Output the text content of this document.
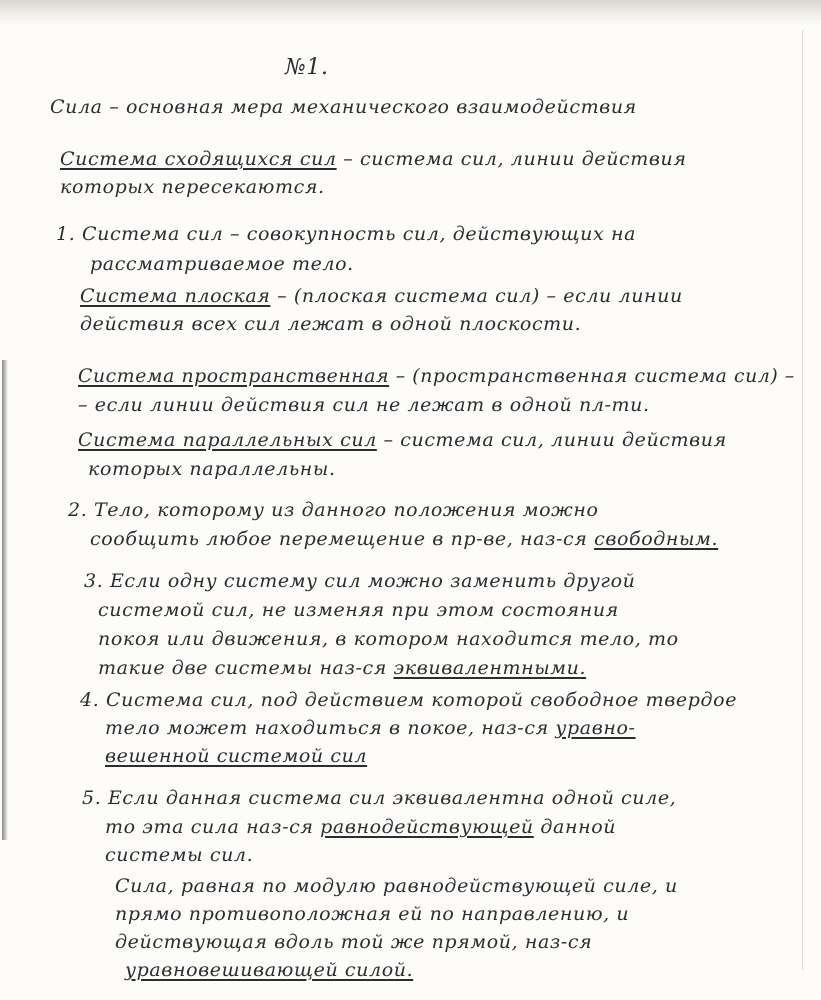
№1.
Сила – основная мера механического взаимодействия
Система сходящихся сил – система сил, линии действия
которых пересекаются.
1. Система сил – совокупность сил, действующих на
рассматриваемое тело.
Система плоская – (плоская система сил) – если линии
действия всех сил лежат в одной плоскости.
Система пространственная – (пространственная система сил) –
– если линии действия сил не лежат в одной пл-ти.
Система параллельных сил – система сил, линии действия
которых параллельны.
2. Тело, которому из данного положения можно
сообщить любое перемещение в пр-ве, наз-ся свободным.
3. Если одну систему сил можно заменить другой
системой сил, не изменяя при этом состояния
покоя или движения, в котором находится тело, то
такие две системы наз-ся эквивалентными.
4. Система сил, под действием которой свободное твердое
тело может находиться в покое, наз-ся уравно-
вешенной системой сил
5. Если данная система сил эквивалентна одной силе,
то эта сила наз-ся равнодействующей данной
системы сил.
Сила, равная по модулю равнодействующей силе, и
прямо противоположная ей по направлению, и
действующая вдоль той же прямой, наз-ся
уравновешивающей силой.
